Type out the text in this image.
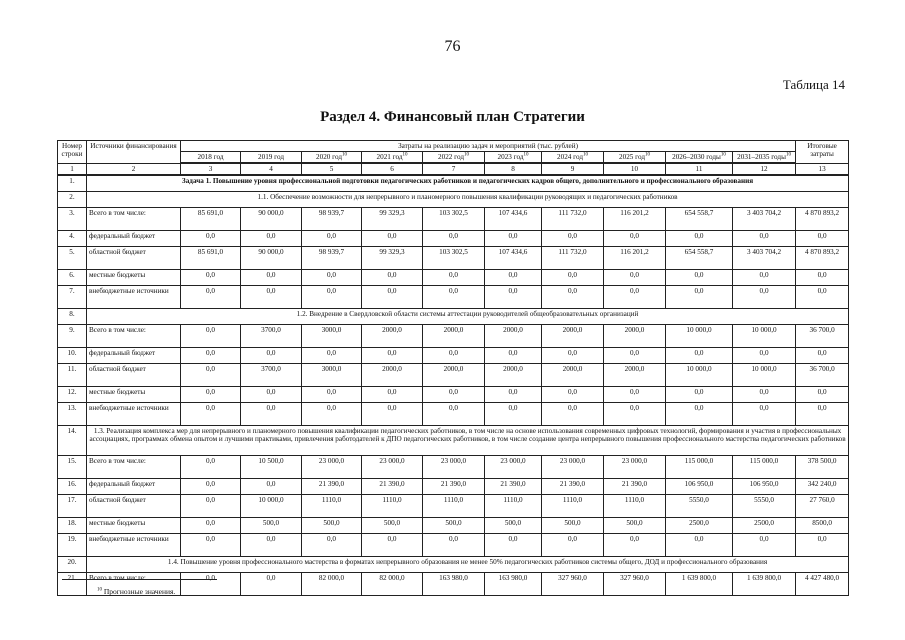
76
Таблица 14
Раздел 4. Финансовый план Стратегии
Номер строки	Источники финансирования	Затраты на реализацию задач и мероприятий (тыс. рублей)										Итоговые затраты
		2018 год	2019 год	2020 год$^{10}$	2021 год$^{10}$	2022 год$^{10}$	2023 год$^{10}$	2024 год$^{10}$	2025 год$^{10}$	2026–2030 годы$^{10}$	2031–2035 годы$^{10}$
1	2	3	4	5	6	7	8	9	10	11	12	13
1.	Задача 1. Повышение уровня профессиональной подготовки педагогических работников и педагогических кадров общего, дополнительного и профессионального образования											
2.	1.1. Обеспечение возможности для непрерывного и планомерного повышения квалификации руководящих и педагогических работников											
3.	Всего в том числе:	85 691,0	90 000,0	98 939,7	99 329,3	103 302,5	107 434,6	111 732,0	116 201,2	654 558,7	3 403 704,2	4 870 893,2
4.	федеральный бюджет	0,0	0,0	0,0	0,0	0,0	0,0	0,0	0,0	0,0	0,0	0,0
5.	областной бюджет	85 691,0	90 000,0	98 939,7	99 329,3	103 302,5	107 434,6	111 732,0	116 201,2	654 558,7	3 403 704,2	4 870 893,2
6.	местные бюджеты	0,0	0,0	0,0	0,0	0,0	0,0	0,0	0,0	0,0	0,0	0,0
7.	внебюджетные источники	0,0	0,0	0,0	0,0	0,0	0,0	0,0	0,0	0,0	0,0	0,0
8.	1.2. Внедрение в Свердловской области системы аттестации руководителей общеобразовательных организаций											
9.	Всего в том числе:	0,0	3700,0	3000,0	2000,0	2000,0	2000,0	2000,0	2000,0	10 000,0	10 000,0	36 700,0
10.	федеральный бюджет	0,0	0,0	0,0	0,0	0,0	0,0	0,0	0,0	0,0	0,0	0,0
11.	областной бюджет	0,0	3700,0	3000,0	2000,0	2000,0	2000,0	2000,0	2000,0	10 000,0	10 000,0	36 700,0
12.	местные бюджеты	0,0	0,0	0,0	0,0	0,0	0,0	0,0	0,0	0,0	0,0	0,0
13.	внебюджетные источники	0,0	0,0	0,0	0,0	0,0	0,0	0,0	0,0	0,0	0,0	0,0
14.	1.3. Реализация комплекса мер для непрерывного и планомерного повышения квалификации педагогических работников, в том числе на основе использования современных цифровых технологий, формирования и участия в профессиональных ассоциациях, программах обмена опытом и лучшими практиками, привлечения работодателей к ДПО педагогических работников, в том числе создание центра непрерывного повышения профессионального мастерства педагогических работников											
15.	Всего в том числе:	0,0	10 500,0	23 000,0	23 000,0	23 000,0	23 000,0	23 000,0	23 000,0	115 000,0	115 000,0	378 500,0
16.	федеральный бюджет	0,0	0,0	21 390,0	21 390,0	21 390,0	21 390,0	21 390,0	21 390,0	106 950,0	106 950,0	342 240,0
17.	областной бюджет	0,0	10 000,0	1110,0	1110,0	1110,0	1110,0	1110,0	1110,0	5550,0	5550,0	27 760,0
18.	местные бюджеты	0,0	500,0	500,0	500,0	500,0	500,0	500,0	500,0	2500,0	2500,0	8500,0
19.	внебюджетные источники	0,0	0,0	0,0	0,0	0,0	0,0	0,0	0,0	0,0	0,0	0,0
20.	1.4. Повышение уровня профессионального мастерства в форматах непрерывного образования не менее 50% педагогических работников системы общего, ДОД и профессионального образования											
21.	Всего в том числе:	0,0	0,0	82 000,0	82 000,0	163 980,0	163 980,0	327 960,0	327 960,0	1 639 800,0	1 639 800,0	4 427 480,0
$^{10}$ Прогнозные значения.
